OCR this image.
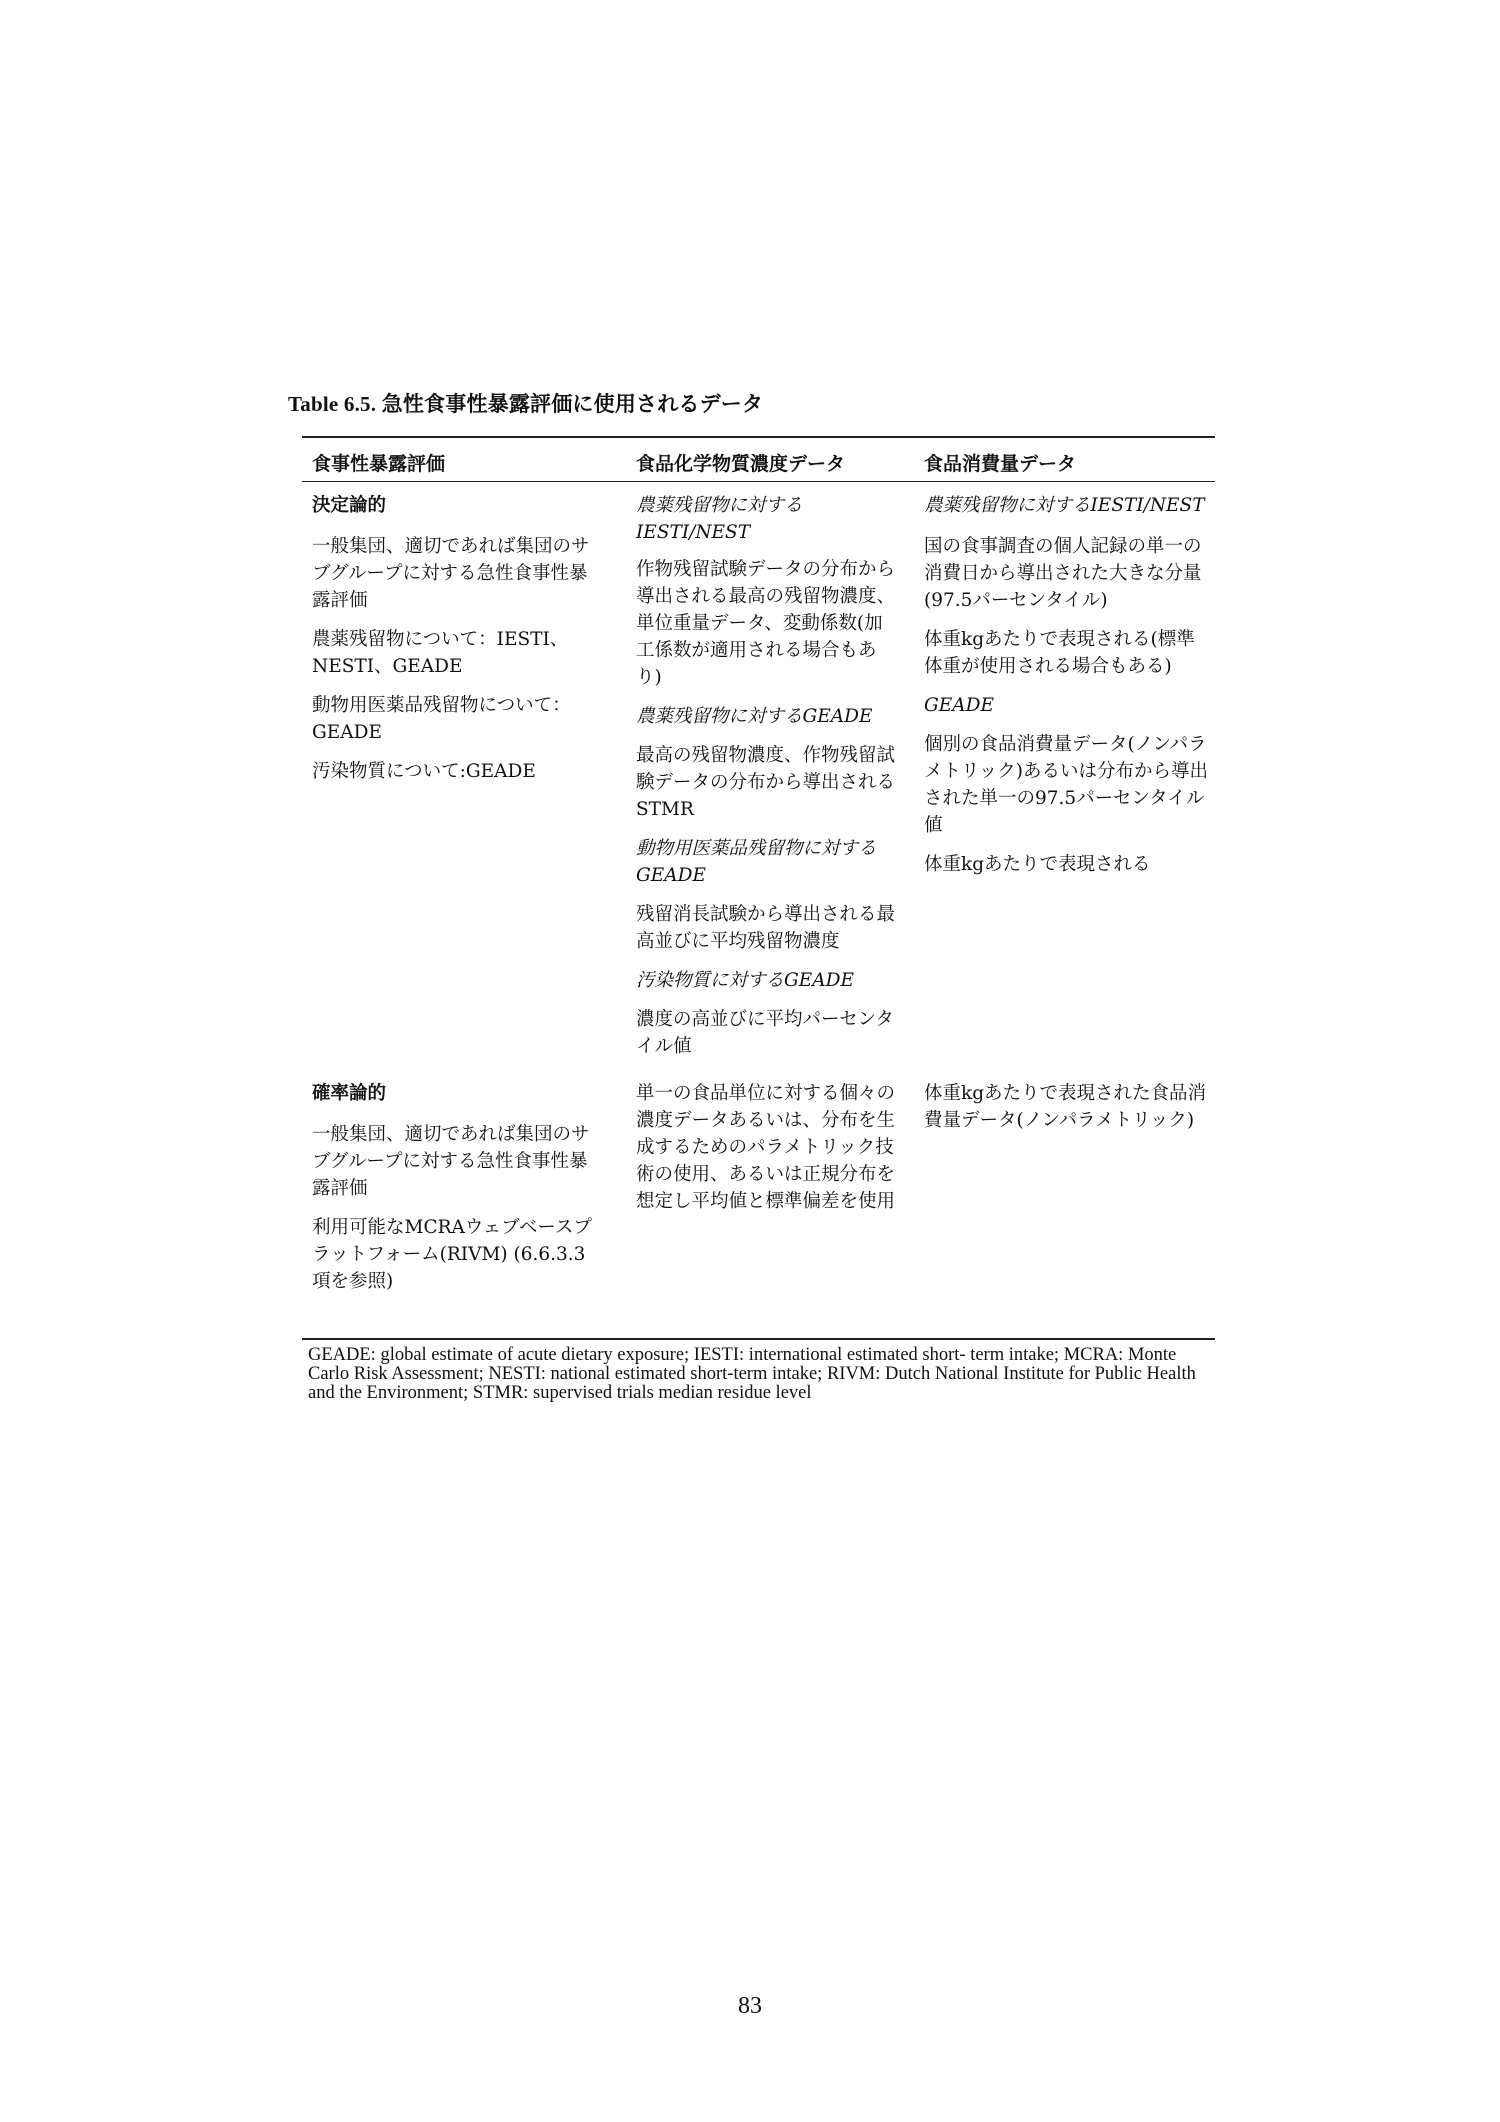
Table 6.5. 急性食事性暴露評価に使用されるデータ
食事性暴露評価	食品化学物質濃度データ	食品消費量データ

決定論的

一般集団、適切であれば集団のサブグループに対する急性食事性暴露評価

農薬残留物について：IESTI、NESTI、GEADE

動物用医薬品残留物について：GEADE

汚染物質について:GEADE

農薬残留物に対するIESTI/NEST

作物残留試験データの分布から導出される最高の残留物濃度、単位重量データ、変動係数(加工係数が適用される場合もあり)

農薬残留物に対するGEADE

最高の残留物濃度、作物残留試験データの分布から導出されるSTMR

動物用医薬品残留物に対するGEADE

残留消長試験から導出される最高並びに平均残留物濃度

汚染物質に対するGEADE

濃度の高並びに平均パーセンタイル値

農薬残留物に対するIESTI/NEST

国の食事調査の個人記録の単一の消費日から導出された大きな分量(97.5パーセンタイル)

体重kgあたりで表現される(標準体重が使用される場合もある)

GEADE

個別の食品消費量データ(ノンパラメトリック)あるいは分布から導出された単一の97.5パーセンタイル値

体重kgあたりで表現される

確率論的

一般集団、適切であれば集団のサブグループに対する急性食事性暴露評価

利用可能なMCRAウェブベースプラットフォーム(RIVM) (6.6.3.3項を参照)

単一の食品単位に対する個々の濃度データあるいは、分布を生成するためのパラメトリック技術の使用、あるいは正規分布を想定し平均値と標準偏差を使用

体重kgあたりで表現された食品消費量データ(ノンパラメトリック)

GEADE: global estimate of acute dietary exposure; IESTI: international estimated short- term intake; MCRA: Monte Carlo Risk Assessment; NESTI: national estimated short-term intake; RIVM: Dutch National Institute for Public Health and the Environment; STMR: supervised trials median residue level
83
